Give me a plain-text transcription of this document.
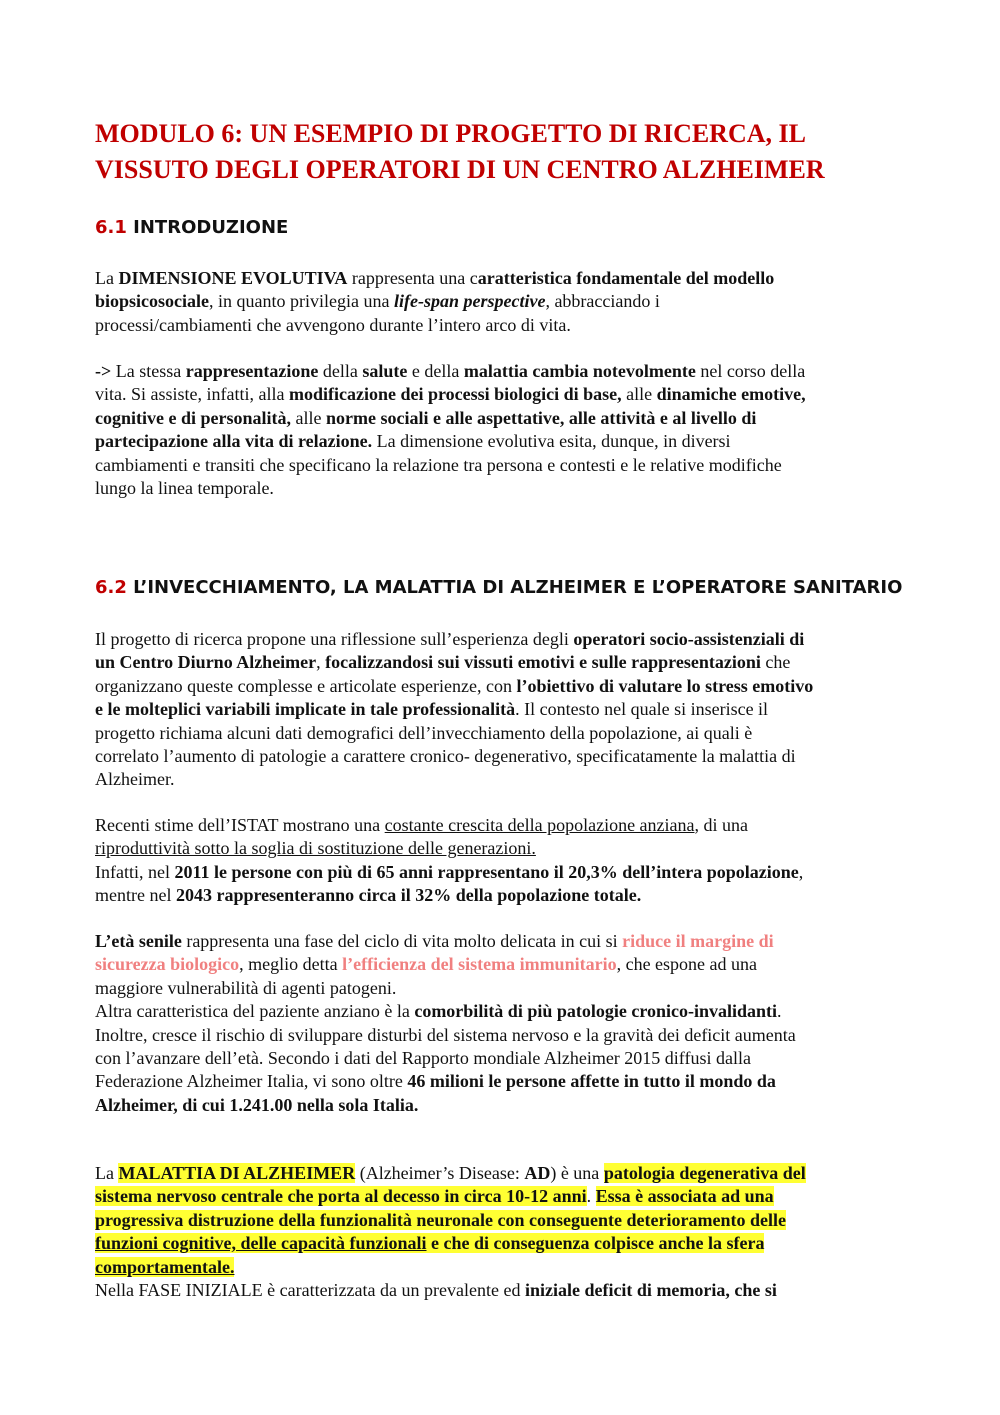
MODULO 6: UN ESEMPIO DI PROGETTO DI RICERCA, IL
VISSUTO DEGLI OPERATORI DI UN CENTRO ALZHEIMER
6.1 INTRODUZIONE
La DIMENSIONE EVOLUTIVA rappresenta una caratteristica fondamentale del modello
biopsicosociale, in quanto privilegia una life-span perspective, abbracciando i
processi/cambiamenti che avvengono durante l’intero arco di vita.
-> La stessa rappresentazione della salute e della malattia cambia notevolmente nel corso della
vita. Si assiste, infatti, alla modificazione dei processi biologici di base, alle dinamiche emotive,
cognitive e di personalità, alle norme sociali e alle aspettative, alle attività e al livello di
partecipazione alla vita di relazione. La dimensione evolutiva esita, dunque, in diversi
cambiamenti e transiti che specificano la relazione tra persona e contesti e le relative modifiche
lungo la linea temporale.
6.2 L’INVECCHIAMENTO, LA MALATTIA DI ALZHEIMER E L’OPERATORE SANITARIO
Il progetto di ricerca propone una riflessione sull’esperienza degli operatori socio-assistenziali di
un Centro Diurno Alzheimer, focalizzandosi sui vissuti emotivi e sulle rappresentazioni che
organizzano queste complesse e articolate esperienze, con l’obiettivo di valutare lo stress emotivo
e le molteplici variabili implicate in tale professionalità. Il contesto nel quale si inserisce il
progetto richiama alcuni dati demografici dell’invecchiamento della popolazione, ai quali è
correlato l’aumento di patologie a carattere cronico- degenerativo, specificatamente la malattia di
Alzheimer.
Recenti stime dell’ISTAT mostrano una costante crescita della popolazione anziana, di una
riproduttività sotto la soglia di sostituzione delle generazioni.
Infatti, nel 2011 le persone con più di 65 anni rappresentano il 20,3% dell’intera popolazione,
mentre nel 2043 rappresenteranno circa il 32% della popolazione totale.
L’età senile rappresenta una fase del ciclo di vita molto delicata in cui si riduce il margine di
sicurezza biologico, meglio detta l’efficienza del sistema immunitario, che espone ad una
maggiore vulnerabilità di agenti patogeni.
Altra caratteristica del paziente anziano è la comorbilità di più patologie cronico-invalidanti.
Inoltre, cresce il rischio di sviluppare disturbi del sistema nervoso e la gravità dei deficit aumenta
con l’avanzare dell’età. Secondo i dati del Rapporto mondiale Alzheimer 2015 diffusi dalla
Federazione Alzheimer Italia, vi sono oltre 46 milioni le persone affette in tutto il mondo da
Alzheimer, di cui 1.241.00 nella sola Italia.
La MALATTIA DI ALZHEIMER (Alzheimer’s Disease: AD) è una patologia degenerativa del
sistema nervoso centrale che porta al decesso in circa 10-12 anni. Essa è associata ad una
progressiva distruzione della funzionalità neuronale con conseguente deterioramento delle
funzioni cognitive, delle capacità funzionali e che di conseguenza colpisce anche la sfera
comportamentale.
Nella FASE INIZIALE è caratterizzata da un prevalente ed iniziale deficit di memoria, che si
